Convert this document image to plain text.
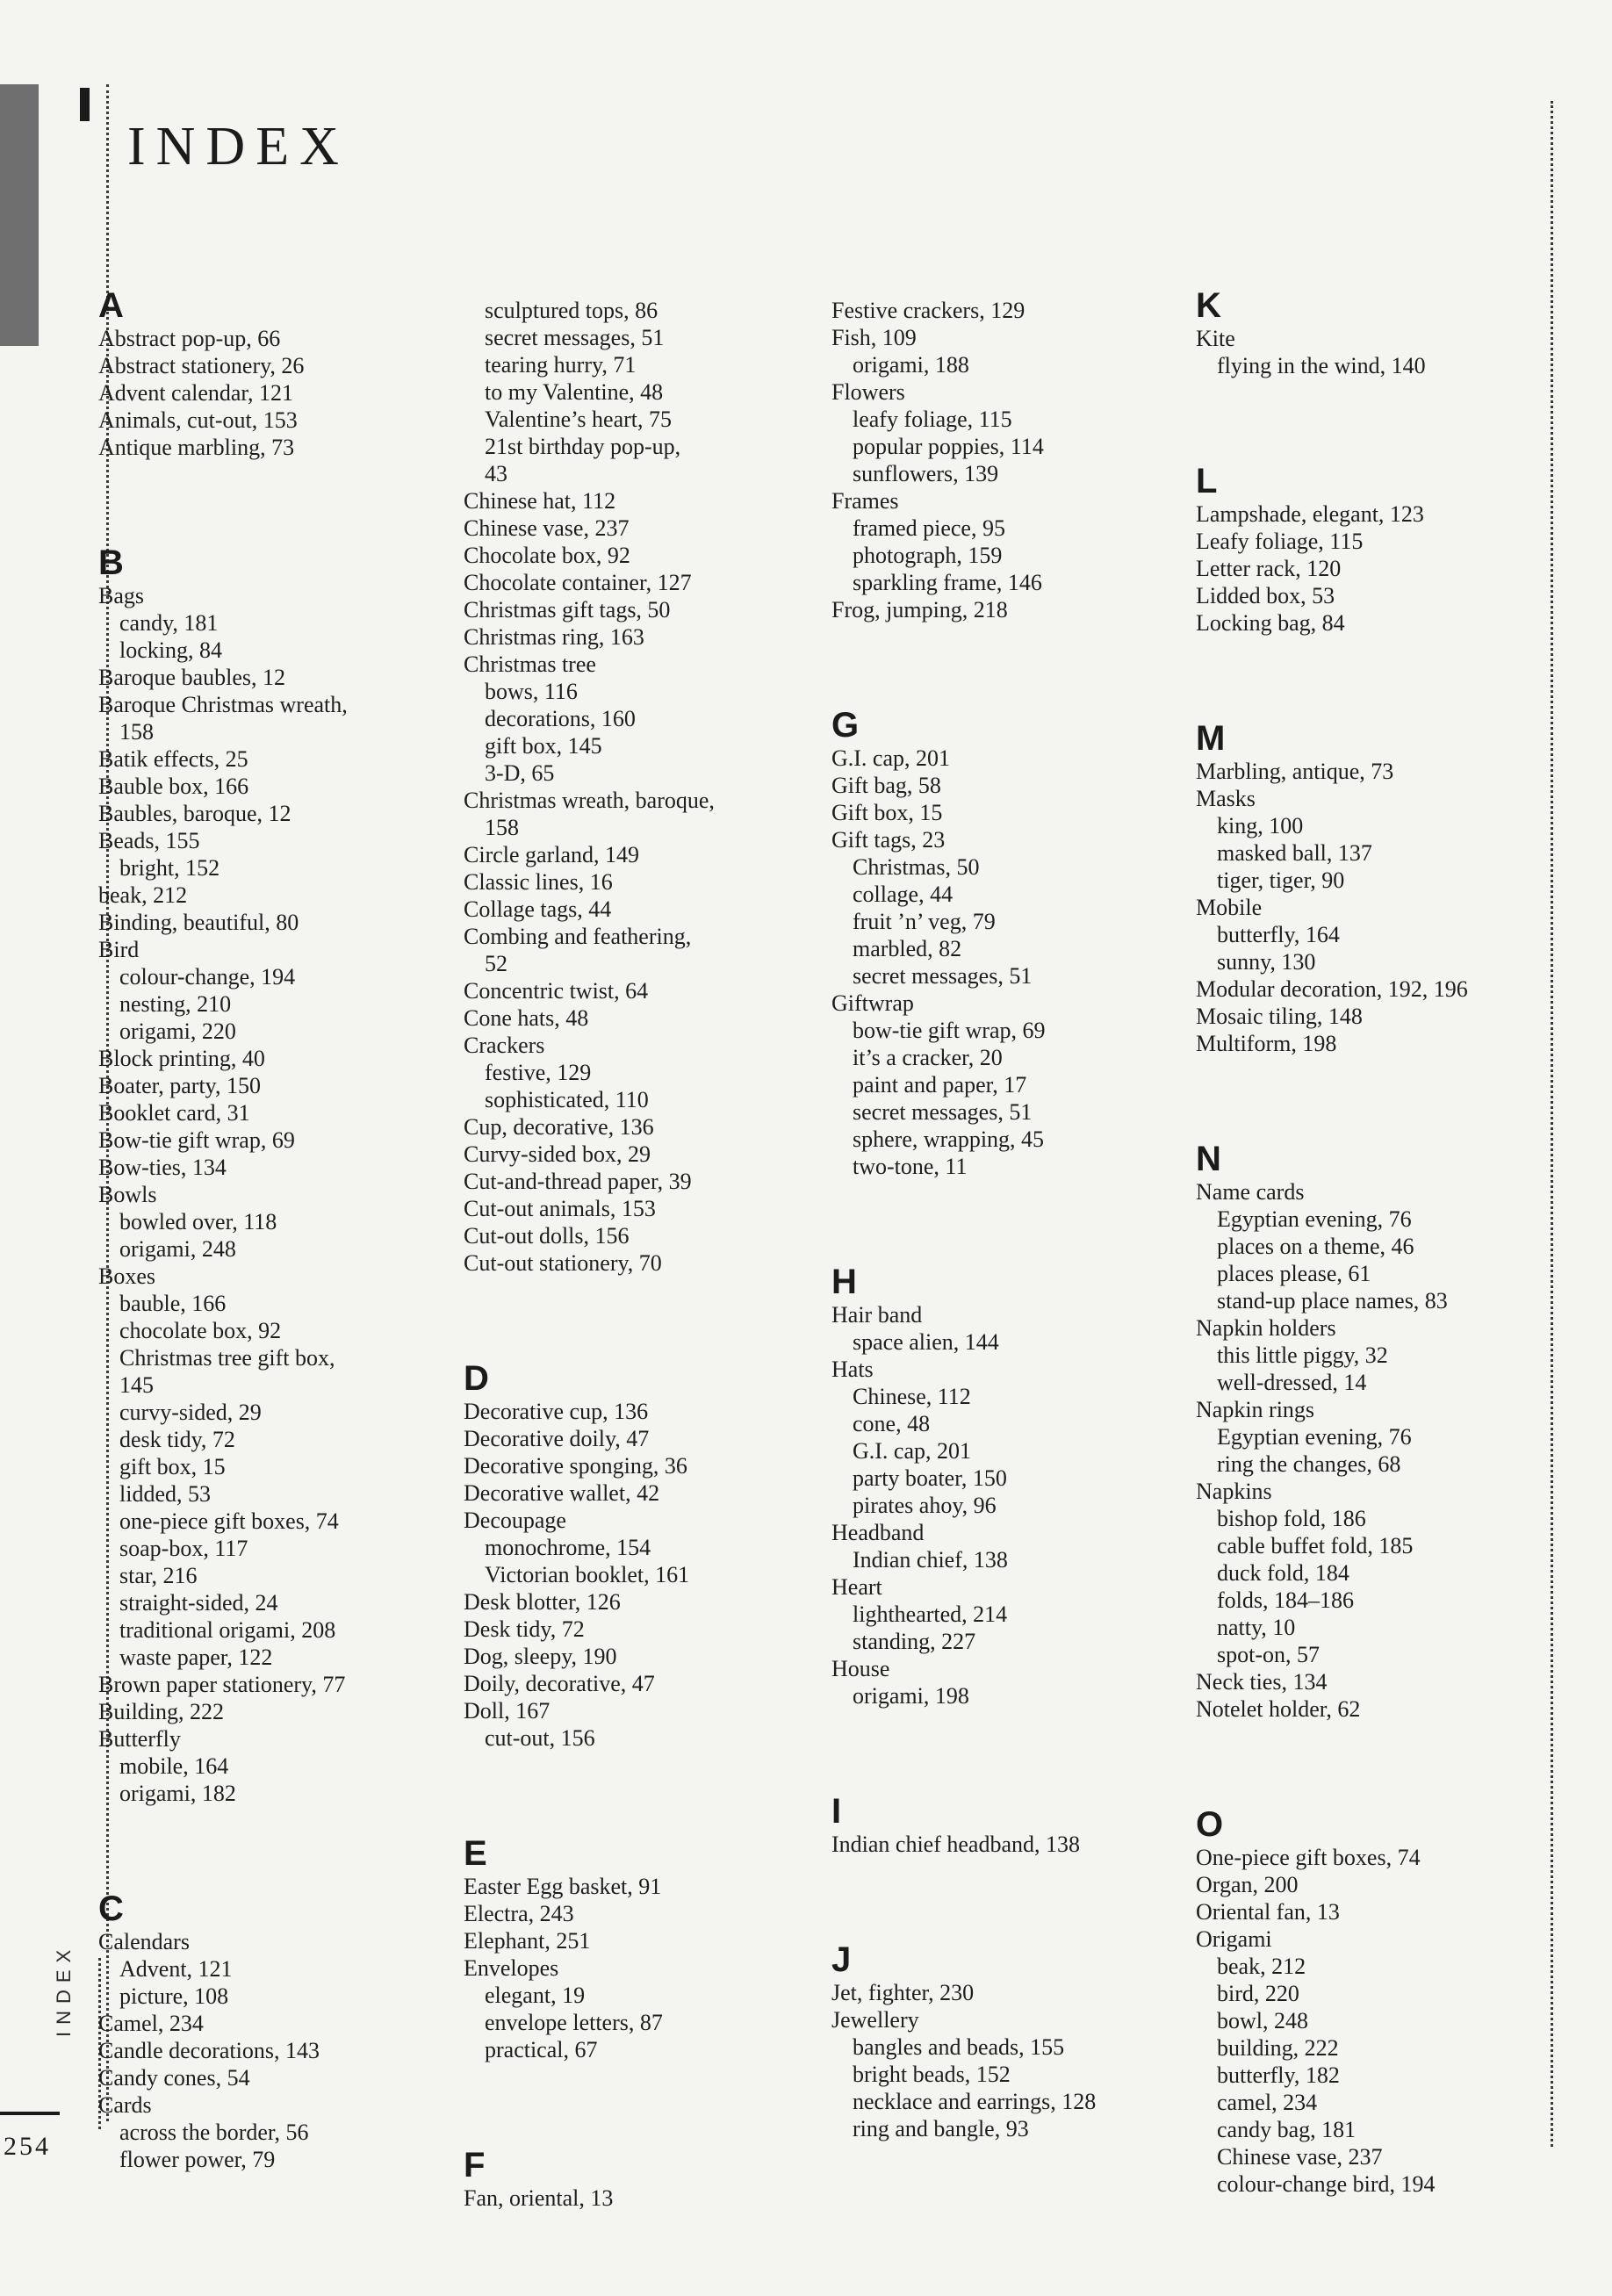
INDEX
INDEX
254
A
Abstract pop-up, 66
Abstract stationery, 26
Advent calendar, 121
Animals, cut-out, 153
Antique marbling, 73
B
Bags
candy, 181
locking, 84
Baroque baubles, 12
Baroque Christmas wreath,
158
Batik effects, 25
Bauble box, 166
Baubles, baroque, 12
Beads, 155
bright, 152
beak, 212
Binding, beautiful, 80
Bird
colour-change, 194
nesting, 210
origami, 220
Block printing, 40
Boater, party, 150
Booklet card, 31
Bow-tie gift wrap, 69
Bow-ties, 134
Bowls
bowled over, 118
origami, 248
Boxes
bauble, 166
chocolate box, 92
Christmas tree gift box,
145
curvy-sided, 29
desk tidy, 72
gift box, 15
lidded, 53
one-piece gift boxes, 74
soap-box, 117
star, 216
straight-sided, 24
traditional origami, 208
waste paper, 122
Brown paper stationery, 77
Building, 222
Butterfly
mobile, 164
origami, 182
C
Calendars
Advent, 121
picture, 108
Camel, 234
Candle decorations, 143
Candy cones, 54
Cards
across the border, 56
flower power, 79
sculptured tops, 86
secret messages, 51
tearing hurry, 71
to my Valentine, 48
Valentine’s heart, 75
21st birthday pop-up,
43
Chinese hat, 112
Chinese vase, 237
Chocolate box, 92
Chocolate container, 127
Christmas gift tags, 50
Christmas ring, 163
Christmas tree
bows, 116
decorations, 160
gift box, 145
3-D, 65
Christmas wreath, baroque,
158
Circle garland, 149
Classic lines, 16
Collage tags, 44
Combing and feathering,
52
Concentric twist, 64
Cone hats, 48
Crackers
festive, 129
sophisticated, 110
Cup, decorative, 136
Curvy-sided box, 29
Cut-and-thread paper, 39
Cut-out animals, 153
Cut-out dolls, 156
Cut-out stationery, 70
D
Decorative cup, 136
Decorative doily, 47
Decorative sponging, 36
Decorative wallet, 42
Decoupage
monochrome, 154
Victorian booklet, 161
Desk blotter, 126
Desk tidy, 72
Dog, sleepy, 190
Doily, decorative, 47
Doll, 167
cut-out, 156
E
Easter Egg basket, 91
Electra, 243
Elephant, 251
Envelopes
elegant, 19
envelope letters, 87
practical, 67
F
Fan, oriental, 13
Festive crackers, 129
Fish, 109
origami, 188
Flowers
leafy foliage, 115
popular poppies, 114
sunflowers, 139
Frames
framed piece, 95
photograph, 159
sparkling frame, 146
Frog, jumping, 218
G
G.I. cap, 201
Gift bag, 58
Gift box, 15
Gift tags, 23
Christmas, 50
collage, 44
fruit ’n’ veg, 79
marbled, 82
secret messages, 51
Giftwrap
bow-tie gift wrap, 69
it’s a cracker, 20
paint and paper, 17
secret messages, 51
sphere, wrapping, 45
two-tone, 11
H
Hair band
space alien, 144
Hats
Chinese, 112
cone, 48
G.I. cap, 201
party boater, 150
pirates ahoy, 96
Headband
Indian chief, 138
Heart
lighthearted, 214
standing, 227
House
origami, 198
I
Indian chief headband, 138
J
Jet, fighter, 230
Jewellery
bangles and beads, 155
bright beads, 152
necklace and earrings, 128
ring and bangle, 93
K
Kite
flying in the wind, 140
L
Lampshade, elegant, 123
Leafy foliage, 115
Letter rack, 120
Lidded box, 53
Locking bag, 84
M
Marbling, antique, 73
Masks
king, 100
masked ball, 137
tiger, tiger, 90
Mobile
butterfly, 164
sunny, 130
Modular decoration, 192, 196
Mosaic tiling, 148
Multiform, 198
N
Name cards
Egyptian evening, 76
places on a theme, 46
places please, 61
stand-up place names, 83
Napkin holders
this little piggy, 32
well-dressed, 14
Napkin rings
Egyptian evening, 76
ring the changes, 68
Napkins
bishop fold, 186
cable buffet fold, 185
duck fold, 184
folds, 184–186
natty, 10
spot-on, 57
Neck ties, 134
Notelet holder, 62
O
One-piece gift boxes, 74
Organ, 200
Oriental fan, 13
Origami
beak, 212
bird, 220
bowl, 248
building, 222
butterfly, 182
camel, 234
candy bag, 181
Chinese vase, 237
colour-change bird, 194
